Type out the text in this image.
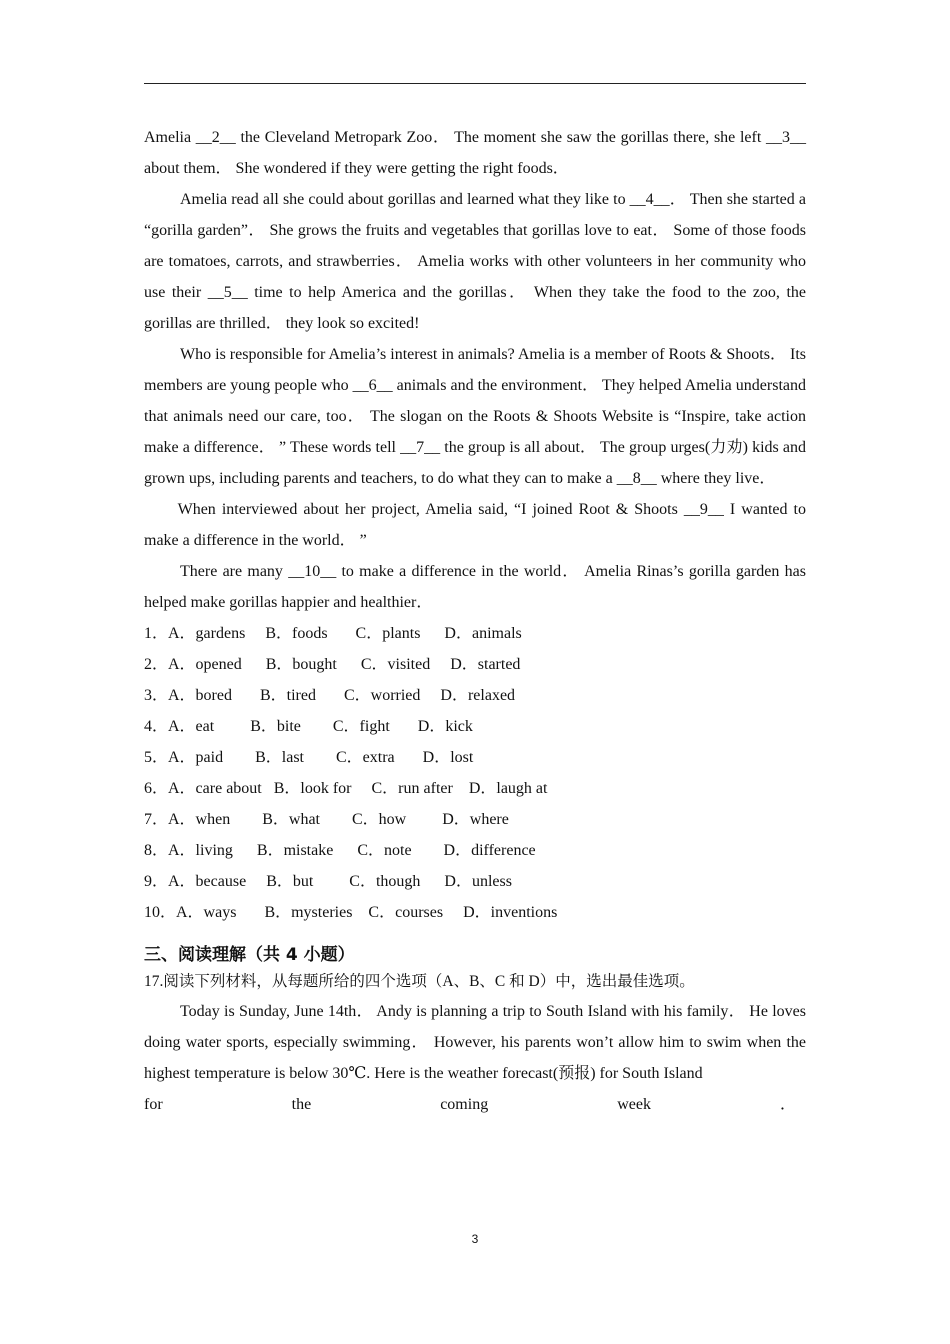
Amelia __2__ the Cleveland Metropark Zoo． The moment she saw the gorillas there, she left __3__ about them． She wondered if they were getting the right foods．

Amelia read all she could about gorillas and learned what they like to __4__． Then she started a “gorilla garden”． She grows the fruits and vegetables that gorillas love to eat． Some of those foods are tomatoes, carrots, and strawberries． Amelia works with other volunteers in her community who use their __5__ time to help America and the gorillas． When they take the food to the zoo, the gorillas are thrilled． they look so excited!

Who is responsible for Amelia’s interest in animals? Amelia is a member of Roots & Shoots． Its members are young people who __6__ animals and the environment． They helped Amelia understand that animals need our care, too． The slogan on the Roots & Shoots Website is “Inspire, take action make a difference． ” These words tell __7__ the group is all about． The group urges(力劝) kids and grown ups, including parents and teachers, to do what they can to make a __8__ where they live．

When interviewed about her project, Amelia said, “I joined Root & Shoots __9__ I wanted to make a difference in the world． ”

There are many __10__ to make a difference in the world． Amelia Rinas’s gorilla garden has helped make gorillas happier and healthier．

1．A．gardens     B．foods       C．plants      D．animals
2．A．opened      B．bought      C．visited     D．started
3．A．bored       B．tired       C．worried     D．relaxed
4．A．eat         B．bite        C．fight       D．kick
5．A．paid        B．last        C．extra       D．lost
6．A．care about   B．look for     C．run after    D．laugh at
7．A．when        B．what        C．how         D．where
8．A．living      B．mistake      C．note        D．difference
9．A．because     B．but         C．though      D．unless
10．A．ways       B．mysteries    C．courses     D．inventions
三、阅读理解（共 4 小题）
17.阅读下列材料，从每题所给的四个选项（A、B、C 和 D）中，选出最佳选项。

Today is Sunday, June 14th． Andy is planning a trip to South Island with his family． He loves doing water sports, especially swimming． However, his parents won’t allow him to swim when the highest temperature is below 30℃. Here is the weather forecast(预报) for South Island

for	the	coming	week	．
3
